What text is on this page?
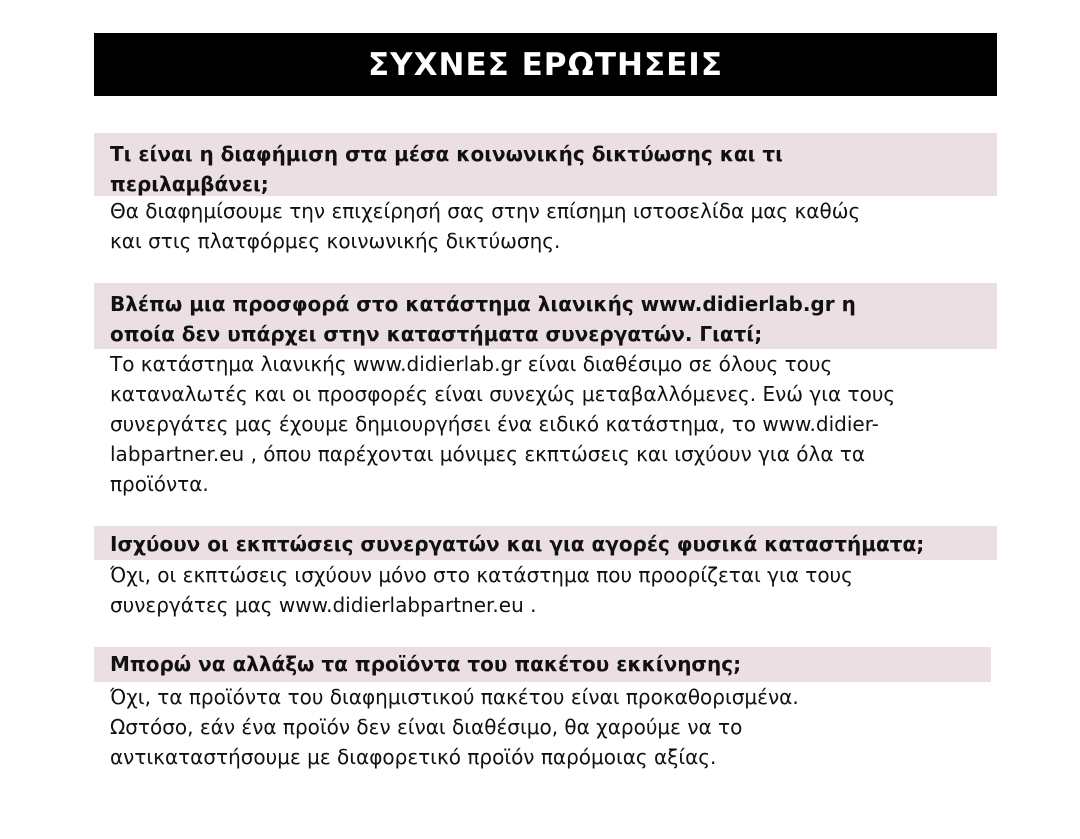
ΣΥΧΝΕΣ ΕΡΩΤΗΣΕΙΣ
Τι είναι η διαφήμιση στα μέσα κοινωνικής δικτύωσης και τι
περιλαμβάνει;
Θα διαφημίσουμε την επιχείρησή σας στην επίσημη ιστοσελίδα μας καθώς
και στις πλατφόρμες κοινωνικής δικτύωσης.
Βλέπω μια προσφορά στο κατάστημα λιανικής www.didierlab.gr η
οποία δεν υπάρχει στην καταστήματα συνεργατών. Γιατί;
Το κατάστημα λιανικής www.didierlab.gr είναι διαθέσιμο σε όλους τους
καταναλωτές και οι προσφορές είναι συνεχώς μεταβαλλόμενες. Ενώ για τους
συνεργάτες μας έχουμε δημιουργήσει ένα ειδικό κατάστημα, το www.didier-
labpartner.eu , όπου παρέχονται μόνιμες εκπτώσεις και ισχύουν για όλα τα
προϊόντα.
Ισχύουν οι εκπτώσεις συνεργατών και για αγορές φυσικά καταστήματα;
Όχι, οι εκπτώσεις ισχύουν μόνο στο κατάστημα που προορίζεται για τους
συνεργάτες μας www.didierlabpartner.eu .
Μπορώ να αλλάξω τα προϊόντα του πακέτου εκκίνησης;
Όχι, τα προϊόντα του διαφημιστικού πακέτου είναι προκαθορισμένα.
Ωστόσο, εάν ένα προϊόν δεν είναι διαθέσιμο, θα χαρούμε να το
αντικαταστήσουμε με διαφορετικό προϊόν παρόμοιας αξίας.
